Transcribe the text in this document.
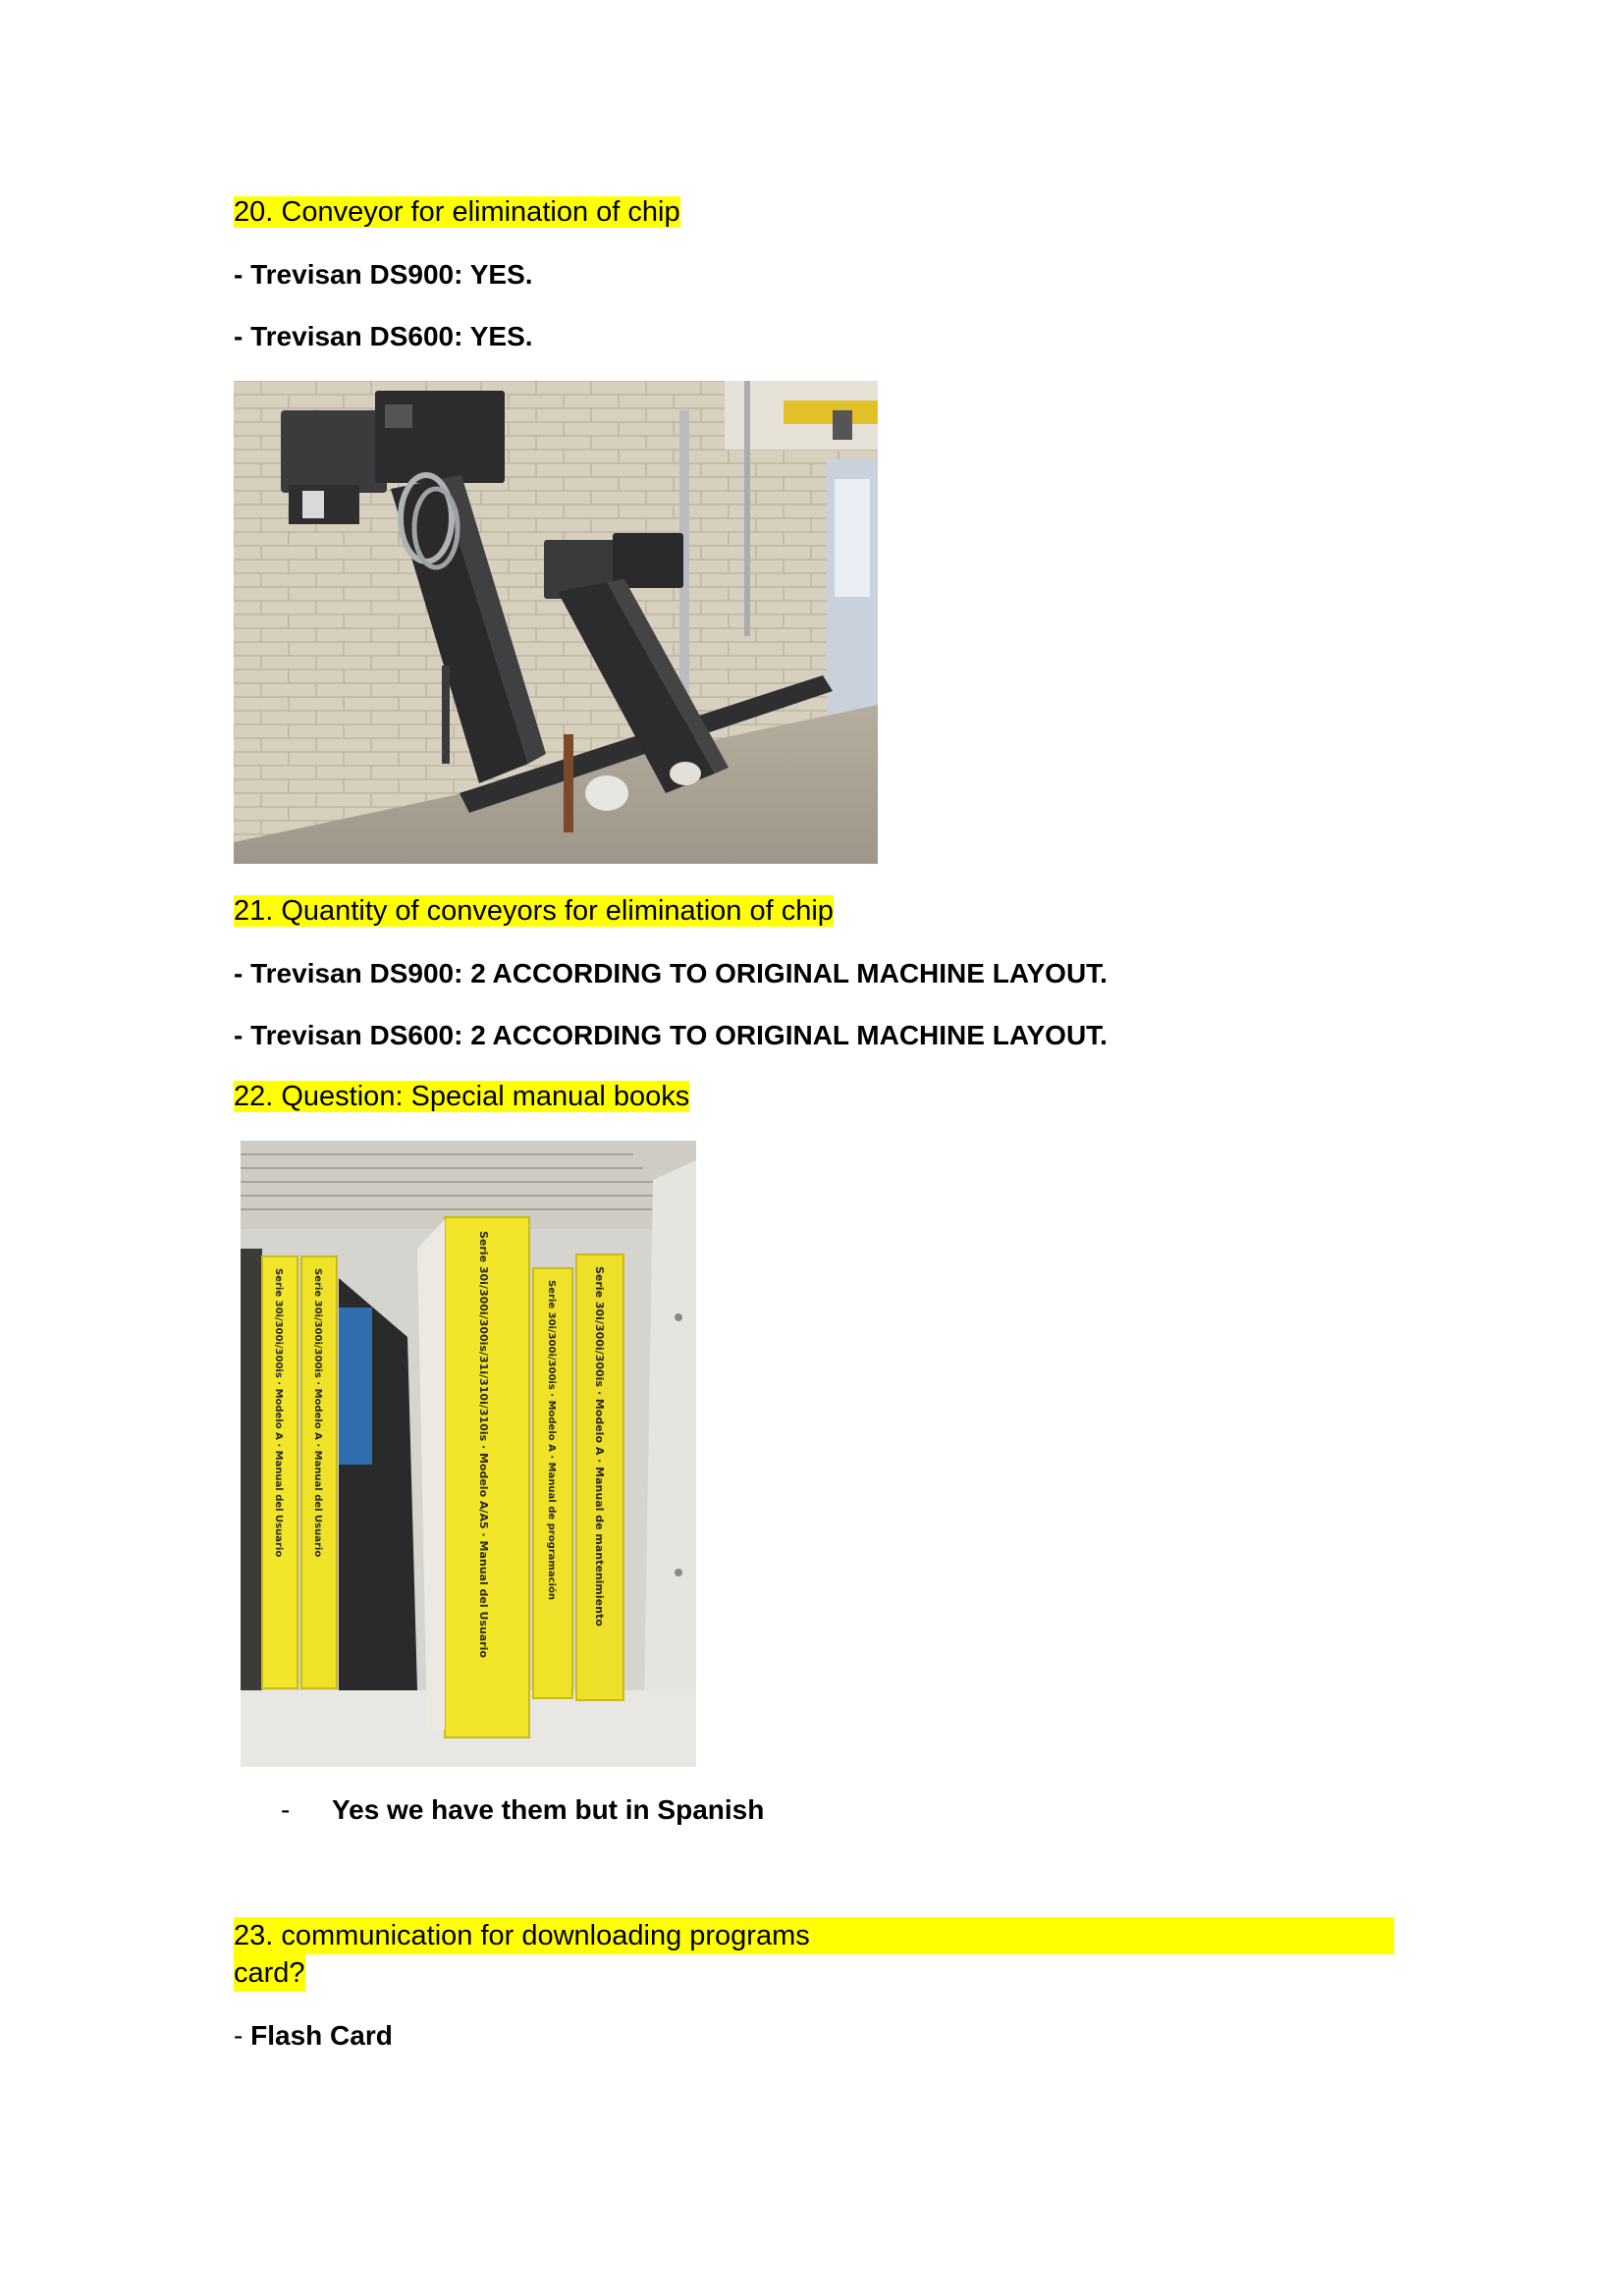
20. Conveyor for elimination of chip
- Trevisan DS900: YES.
- Trevisan DS600: YES.
21. Quantity of conveyors for elimination of chip
- Trevisan DS900: 2 ACCORDING TO ORIGINAL MACHINE LAYOUT.
- Trevisan DS600: 2 ACCORDING TO ORIGINAL MACHINE LAYOUT.
22. Question: Special manual books
Serie 30i/300i/300is · Modelo A · Manual del Usuario	Serie 30i/300i/300is · Modelo A · Manual del Usuario	Serie 30i/300i/300is/31i/310i/310is · Modelo A/A5 · Manual del Usuario	Serie 30i/300i/300is · Modelo A · Manual de programación	Serie 30i/300i/300is · Modelo A · Manual de mantenimiento
- Yes we have them but in Spanish
23. communication for downloading programs
card?
- Flash Card
